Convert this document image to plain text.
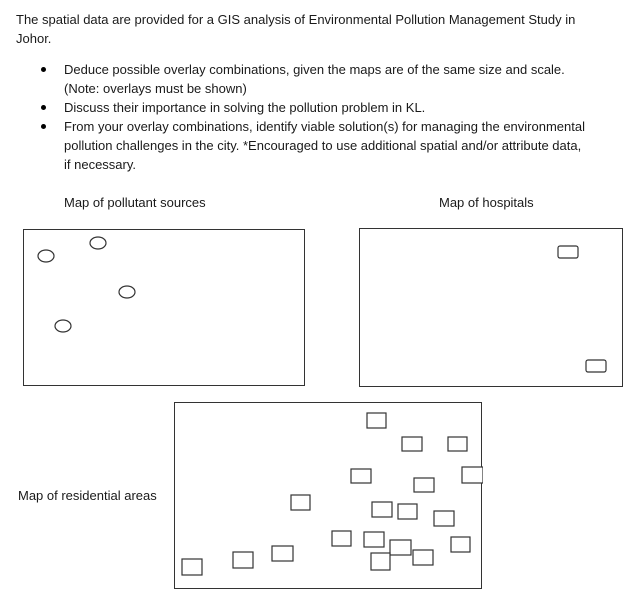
The spatial data are provided for a GIS analysis of Environmental Pollution Management Study in Johor.

Deduce possible overlay combinations, given the maps are of the same size and scale.
(Note: overlays must be shown)
Discuss their importance in solving the pollution problem in KL.
From your overlay combinations, identify viable solution(s) for managing the environmental
pollution challenges in the city. *Encouraged to use additional spatial and/or attribute data,
if necessary.
Map of pollutant sources	Map of hospitals
Map of residential areas
